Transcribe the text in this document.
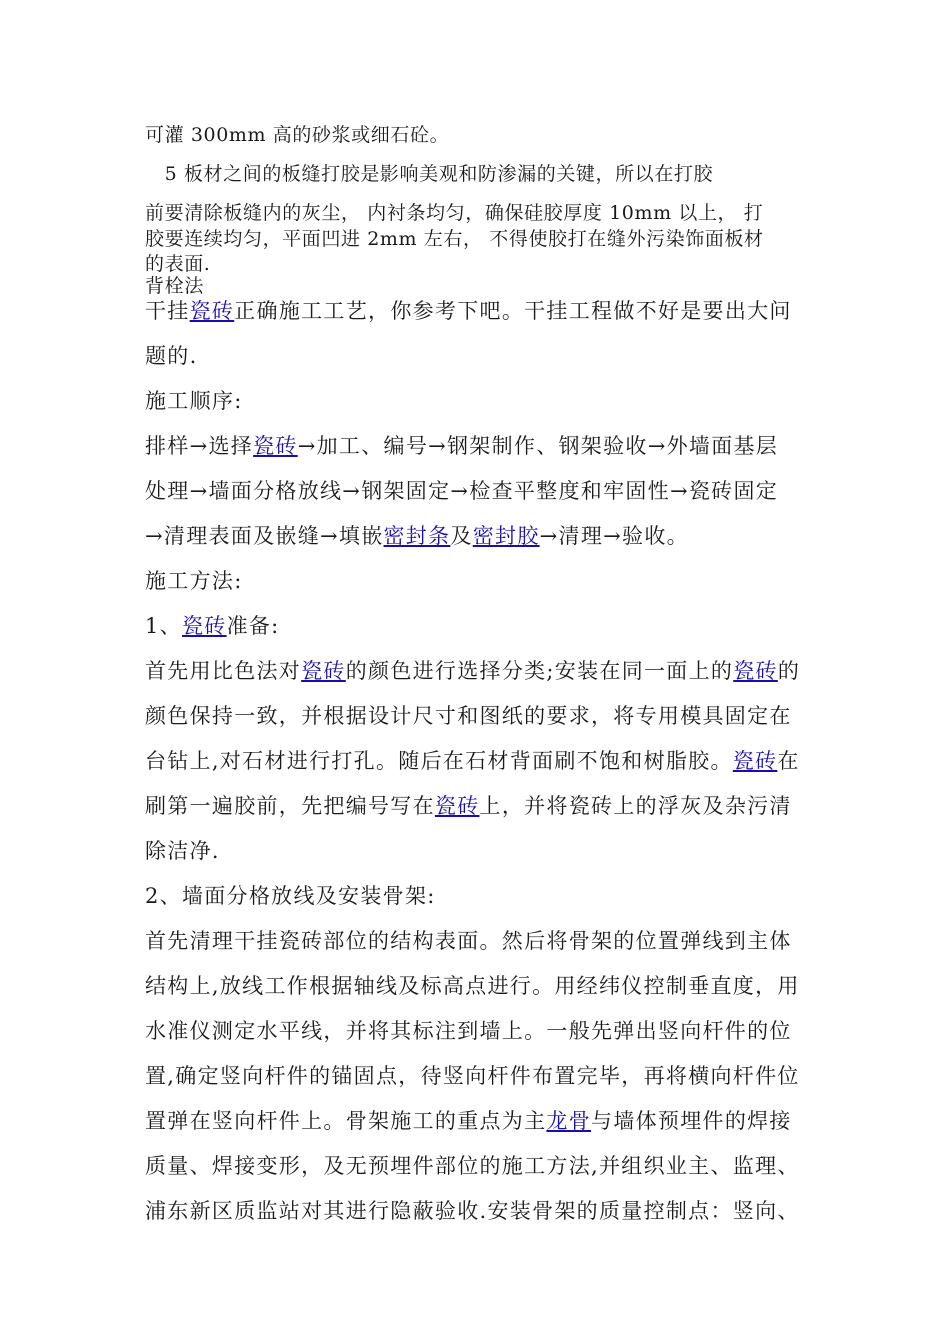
可灌 300mm 高的砂浆或细石砼。
　5 板材之间的板缝打胶是影响美观和防渗漏的关键，所以在打胶
前要清除板缝内的灰尘， 内衬条均匀，确保硅胶厚度 10mm 以上， 打
胶要连续均匀，平面凹进 2mm 左右， 不得使胶打在缝外污染饰面板材
的表面.
背栓法
干挂瓷砖正确施工工艺，你参考下吧。干挂工程做不好是要出大问
题的.
施工顺序:
排样→选择瓷砖→加工、编号→钢架制作、钢架验收→外墙面基层
处理→墙面分格放线→钢架固定→检查平整度和牢固性→瓷砖固定
→清理表面及嵌缝→填嵌密封条及密封胶→清理→验收。
施工方法:
1、瓷砖准备:
首先用比色法对瓷砖的颜色进行选择分类;安装在同一面上的瓷砖的
颜色保持一致，并根据设计尺寸和图纸的要求，将专用模具固定在
台钻上,对石材进行打孔。随后在石材背面刷不饱和树脂胶。瓷砖在
刷第一遍胶前，先把编号写在瓷砖上，并将瓷砖上的浮灰及杂污清
除洁净.
2、墙面分格放线及安装骨架:
首先清理干挂瓷砖部位的结构表面。然后将骨架的位置弹线到主体
结构上,放线工作根据轴线及标高点进行。用经纬仪控制垂直度，用
水准仪测定水平线，并将其标注到墙上。一般先弹出竖向杆件的位
置,确定竖向杆件的锚固点，待竖向杆件布置完毕，再将横向杆件位
置弹在竖向杆件上。骨架施工的重点为主龙骨与墙体预埋件的焊接
质量、焊接变形，及无预埋件部位的施工方法,并组织业主、监理、
浦东新区质监站对其进行隐蔽验收.安装骨架的质量控制点：竖向、
